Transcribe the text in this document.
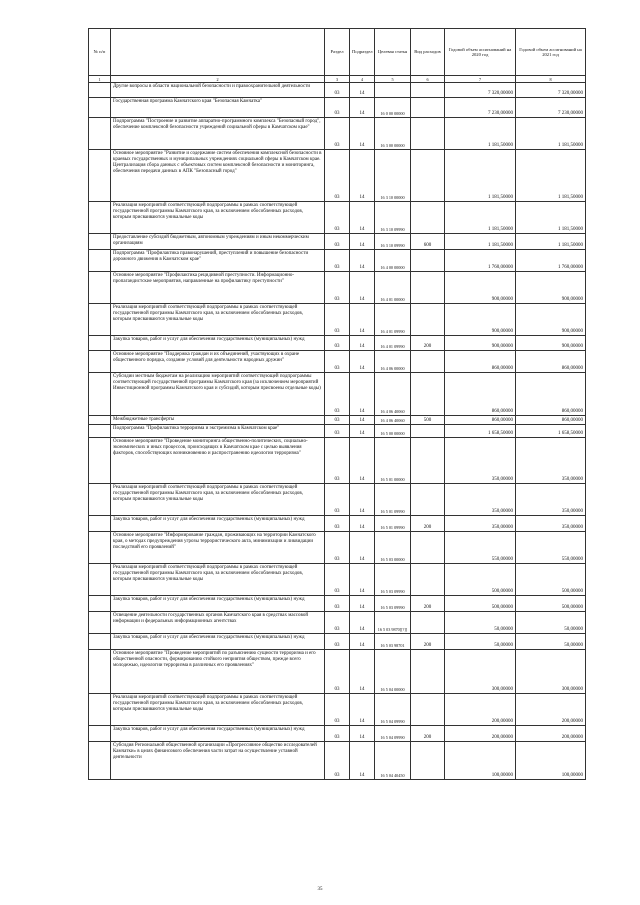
№ п/п		Раздел	Подраздел	Целевая статья	Вид расходов	Годовой объем ассигнований на 2020 год	Годовой объем ассигнований на 2021 год
1	2	3	4	5	6	7	8
	Другие вопросы в области национальной безопасности и правоохранительной деятельности	03	14			7 320,00000	7 320,00000
	Государственная программа Камчатского края "Безопасная Камчатка"	03	14	16 0 00 00000		7 230,00000	7 230,00000
	Подпрограмма "Построение и развитие аппаратно-программного комплекса "Безопасный город", обеспечение комплексной безопасности учреждений социальной сферы в Камчатском крае"	03	14	16 3 00 00000		1 181,50000	1 181,50000
	Основное мероприятие "Развитие и содержание систем обеспечения комплексной безопасности в краевых государственных и муниципальных учреждениях социальной сферы в Камчатском крае. Централизация сбора данных с объектовых систем комплексной безопасности и мониторинга, обеспечения передачи данных в АПК "Безопасный город"	03	14	16 3 10 00000		1 181,50000	1 181,50000
	Реализация мероприятий соответствующей подпрограммы в рамках соответствующей государственной программы Камчатского края, за исключением обособленных расходов, которым присваиваются уникальные коды	03	14	16 3 10 09990		1 181,50000	1 181,50000
	Предоставление субсидий бюджетным, автономным учреждениям и иным некоммерческим организациям	03	14	16 3 10 09990	600	1 181,50000	1 181,50000
	Подпрограмма "Профилактика правонарушений, преступлений и повышение безопасности дорожного движения в Камчатском крае"	03	14	16 4 00 00000		1 760,00000	1 760,00000
	Основное мероприятие "Профилактика рецидивной преступности. Информационно-пропагандистские мероприятия, направленные на профилактику преступности"	03	14	16 4 01 00000		900,00000	900,00000
	Реализация мероприятий соответствующей подпрограммы в рамках соответствующей государственной программы Камчатского края, за исключением обособленных расходов, которым присваиваются уникальные коды	03	14	16 4 01 09990		900,00000	900,00000
	Закупка товаров, работ и услуг для обеспечения государственных (муниципальных) нужд	03	14	16 4 01 09990	200	900,00000	900,00000
	Основное мероприятие "Поддержка граждан и их объединений, участвующих в охране общественного порядка, создание условий для деятельности народных дружин"	03	14	16 4 06 00000		860,00000	860,00000
	Субсидии местным бюджетам на реализацию мероприятий соответствующей подпрограммы соответствующей государственной программы Камчатского края (за исключением мероприятий Инвестиционной программы Камчатского края и субсидий, которым присвоены отдельные коды)	03	14	16 4 06 40060		860,00000	860,00000
	Межбюджетные трансферты	03	14	16 4 06 40060	500	860,00000	860,00000
	Подпрограмма "Профилактика терроризма и экстремизма в Камчатском крае"	03	14	16 5 00 00000		1 658,50000	1 658,50000
	Основное мероприятие "Проведение мониторинга общественно-политических, социально-экономических и иных процессов, происходящих в Камчатском крае с целью выявления факторов, способствующих возникновению и распространению идеологии терроризма"	03	14	16 5 01 00000		350,00000	350,00000
	Реализация мероприятий соответствующей подпрограммы в рамках соответствующей государственной программы Камчатского края, за исключением обособленных расходов, которым присваиваются уникальные коды	03	14	16 5 01 09990		350,00000	350,00000
	Закупка товаров, работ и услуг для обеспечения государственных (муниципальных) нужд	03	14	16 5 01 09990	200	350,00000	350,00000
	Основное мероприятие "Информирование граждан, проживающих на территории Камчатского края, о методах предупреждения угрозы террористического акта, минимизации и ликвидации последствий его проявлений"	03	14	16 5 03 00000		550,00000	550,00000
	Реализация мероприятий соответствующей подпрограммы в рамках соответствующей государственной программы Камчатского края, за исключением обособленных расходов, которым присваиваются уникальные коды	03	14	16 5 03 09990		500,00000	500,00000
	Закупка товаров, работ и услуг для обеспечения государственных (муниципальных) нужд	03	14	16 5 03 09990	200	500,00000	500,00000
	Освещение деятельности государственных органов Камчатского края в средствах массовой информации и федеральных информационных агентствах	03	14	16 5 03 9870[[?]]		50,00000	50,00000
	Закупка товаров, работ и услуг для обеспечения государственных (муниципальных) нужд	03	14	16 5 03 98701	200	50,00000	50,00000
	Основное мероприятие "Проведение мероприятий по разъяснению сущности терроризма и его общественной опасности, формированию стойкого неприятия обществом, прежде всего молодежью, идеологии терроризма в различных его проявлениях"	03	14	16 5 04 00000		300,00000	300,00000
	Реализация мероприятий соответствующей подпрограммы в рамках соответствующей государственной программы Камчатского края, за исключением обособленных расходов, которым присваиваются уникальные коды	03	14	16 5 04 09990		200,00000	200,00000
	Закупка товаров, работ и услуг для обеспечения государственных (муниципальных) нужд	03	14	16 5 04 09990	200	200,00000	200,00000
	Субсидия Региональной общественной организации «Прогрессивное общество исследователей Камчатки» в целях финансового обеспечения части затрат на осуществление уставной деятельности	03	14	16 5 04 40450		100,00000	100,00000
35
